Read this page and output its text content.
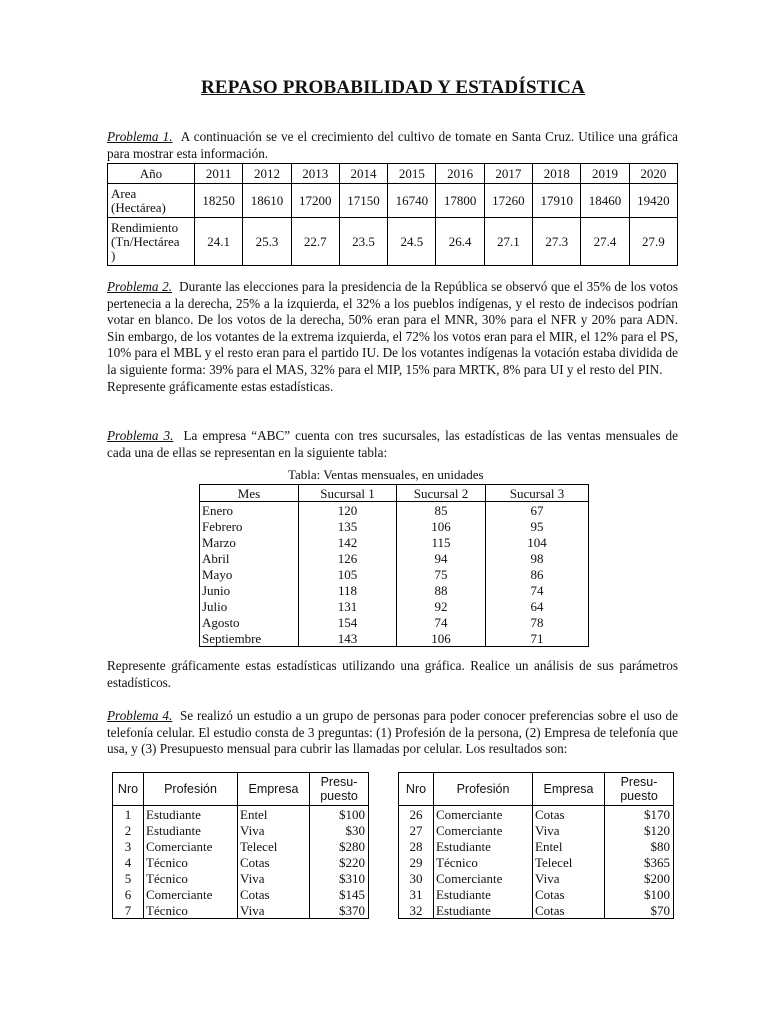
REPASO PROBABILIDAD Y ESTADÍSTICA
Problema 1. A continuación se ve el crecimiento del cultivo de tomate en Santa Cruz. Utilice una gráfica para mostrar esta información.
Año	2011	2012	2013	2014	2015	2016	2017	2018	2019	2020

Area
(Hectárea)	18250	18610	17200	17150	16740	17800	17260	17910	18460	19420

Rendimiento
(Tn/Hectárea
)	24.1	25.3	22.7	23.5	24.5	26.4	27.1	27.3	27.4	27.9
Problema 2. Durante las elecciones para la presidencia de la República se observó que el 35% de los votos pertenecia a la derecha, 25% a la izquierda, el 32% a los pueblos indígenas, y el resto de indecisos podrían votar en blanco. De los votos de la derecha, 50% eran para el MNR, 30% para el NFR y 20% para ADN. Sin embargo, de los votantes de la extrema izquierda, el 72% los votos eran para el MIR, el 12% para el PS, 10% para el MBL y el resto eran para el partido IU. De los votantes indígenas la votación estaba dividida de la siguiente forma: 39% para el MAS, 32% para el MIP, 15% para MRTK, 8% para UI y el resto del PIN.
Represente gráficamente estas estadísticas.
Problema 3. La empresa “ABC” cuenta con tres sucursales, las estadísticas de las ventas mensuales de cada una de ellas se representan en la siguiente tabla:
Tabla: Ventas mensuales, en unidades
Mes	Sucursal 1	Sucursal 2	Sucursal 3
Enero	120	85	67
Febrero	135	106	95
Marzo	142	115	104
Abril	126	94	98
Mayo	105	75	86
Junio	118	88	74
Julio	131	92	64
Agosto	154	74	78
Septiembre	143	106	71
Represente gráficamente estas estadísticas utilizando una gráfica. Realice un análisis de sus parámetros estadísticos.
Problema 4. Se realizó un estudio a un grupo de personas para poder conocer preferencias sobre el uso de telefonía celular. El estudio consta de 3 preguntas: (1) Profesión de la persona, (2) Empresa de telefonía que usa, y (3) Presupuesto mensual para cubrir las llamadas por celular. Los resultados son:
Nro	Profesión	Empresa	Presu-
puesto

1	Estudiante	Entel	$100
2	Estudiante	Viva	$30
3	Comerciante	Telecel	$280
4	Técnico	Cotas	$220
5	Técnico	Viva	$310
6	Comerciante	Cotas	$145
7	Técnico	Viva	$370
Nro	Profesión	Empresa	Presu-
puesto

26	Comerciante	Cotas	$170
27	Comerciante	Viva	$120
28	Estudiante	Entel	$80
29	Técnico	Telecel	$365
30	Comerciante	Viva	$200
31	Estudiante	Cotas	$100
32	Estudiante	Cotas	$70
